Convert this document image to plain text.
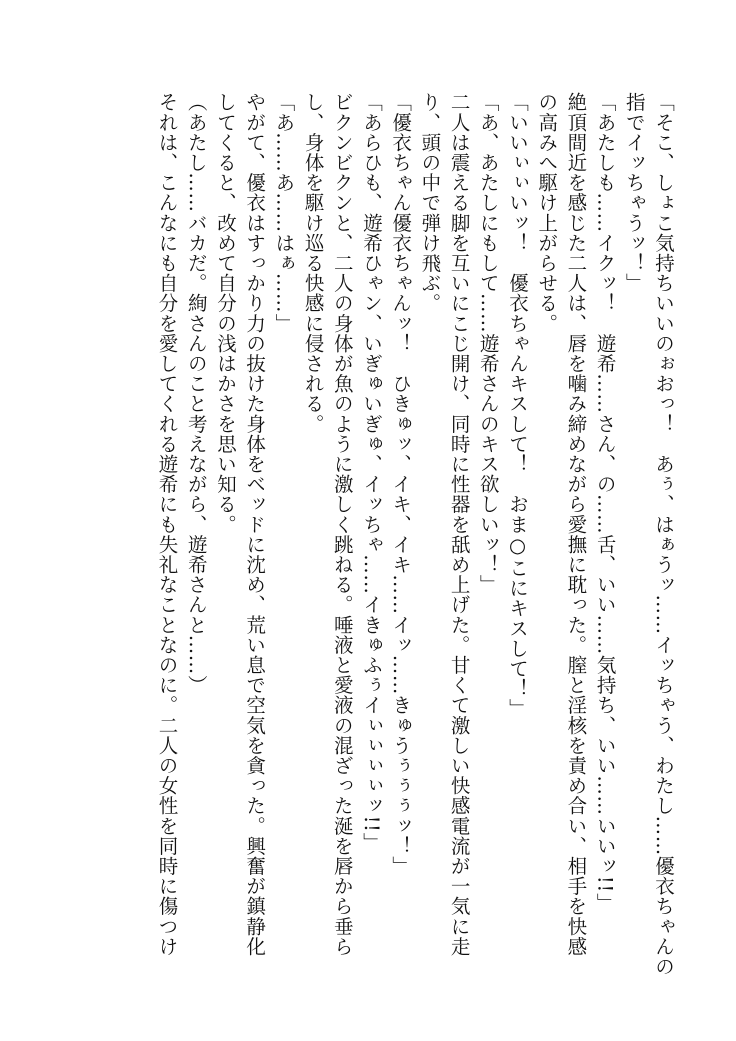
「そこ、しょこ気持ちいいのぉおっ！　あぅ、はぁうッ……イッちゃう、わたし……優衣ちゃんの

指でイッちゃうッ！」

「あたしも……イクッ！　遊希……さん、の……舌、いい……気持ち、いい……いいッ!!」

絶頂間近を感じた二人は、唇を噛み締めながら愛撫に耽った。膣と淫核を責め合い、相手を快感

の高みへ駆け上がらせる。

「いいぃぃいッ！　優衣ちゃんキスして！　おま○こにキスして！」

「あ、あたしにもして……遊希さんのキス欲しいッ！」

二人は震える脚を互いにこじ開け、同時に性器を舐め上げた。甘くて激しい快感電流が一気に走

り、頭の中で弾け飛ぶ。

「優衣ちゃん優衣ちゃんッ！　ひきゅッ、イキ、イキ……イッ……きゅうぅぅぅッ！」

「あらひも、遊希ひゃン、いぎゅいぎゅ、イッちゃ……イきゅふぅイぃぃぃぃッ!!」

ビクンビクンと、二人の身体が魚のように激しく跳ねる。唾液と愛液の混ざった涎を唇から垂ら

し、身体を駆け巡る快感に侵される。

「あ……あ……はぁ……」

やがて、優衣はすっかり力の抜けた身体をベッドに沈め、荒い息で空気を貪った。興奮が鎮静化

してくると、改めて自分の浅はかさを思い知る。

（あたし……バカだ。絢さんのこと考えながら、遊希さんと……）

それは、こんなにも自分を愛してくれる遊希にも失礼なことなのに。二人の女性を同時に傷つけ
